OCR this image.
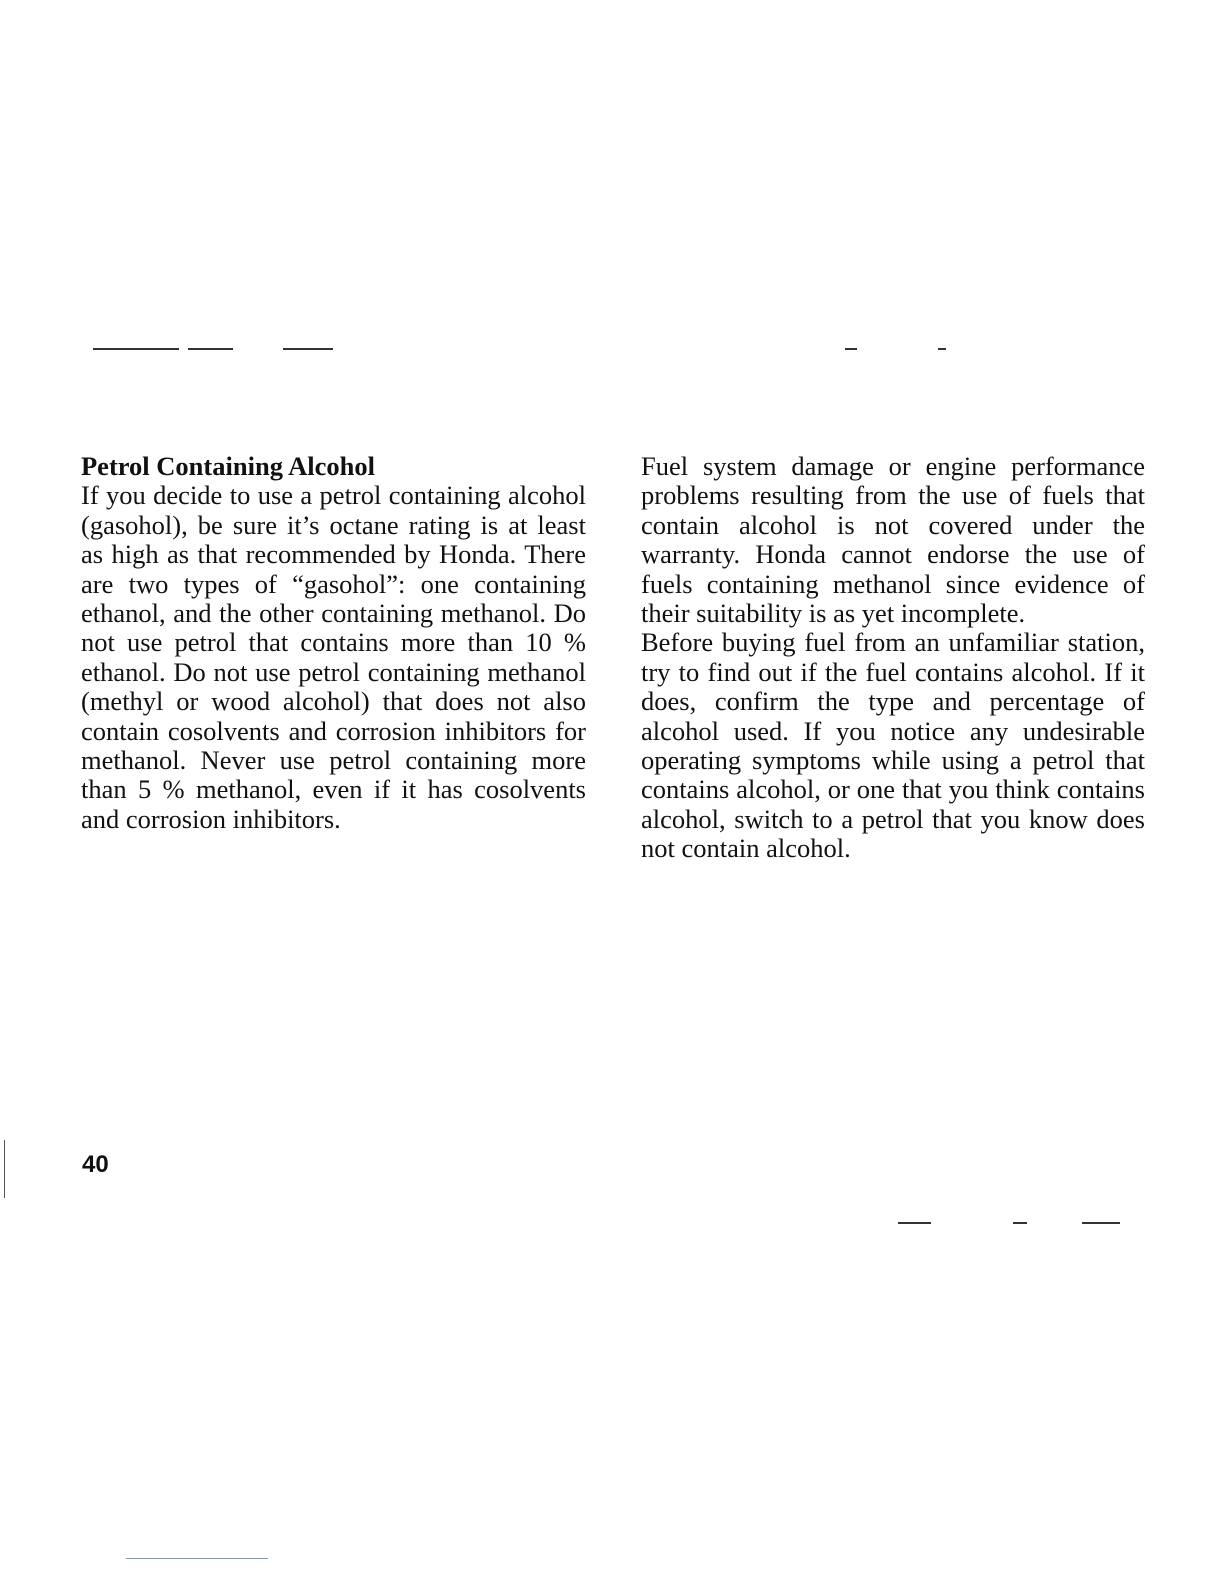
Petrol Containing Alcohol

If you decide to use a petrol containing alcohol (gasohol), be sure it’s octane rating is at least as high as that recommended by Honda. There are two types of “gasohol”: one containing ethanol, and the other containing methanol. Do not use petrol that contains more than 10 % ethanol. Do not use petrol containing methanol (methyl or wood alcohol) that does not also contain cosolvents and corrosion inhibitors for methanol. Never use petrol containing more than 5 % methanol, even if it has cosolvents and corrosion inhibitors.

Fuel system damage or engine performance problems resulting from the use of fuels that contain alcohol is not covered under the warranty. Honda cannot endorse the use of fuels containing methanol since evidence of their suitability is as yet incomplete.

Before buying fuel from an unfamiliar station, try to find out if the fuel contains alcohol. If it does, confirm the type and percentage of alcohol used. If you notice any undesirable operating symptoms while using a petrol that contains alcohol, or one that you think contains alcohol, switch to a petrol that you know does not contain alcohol.

40
